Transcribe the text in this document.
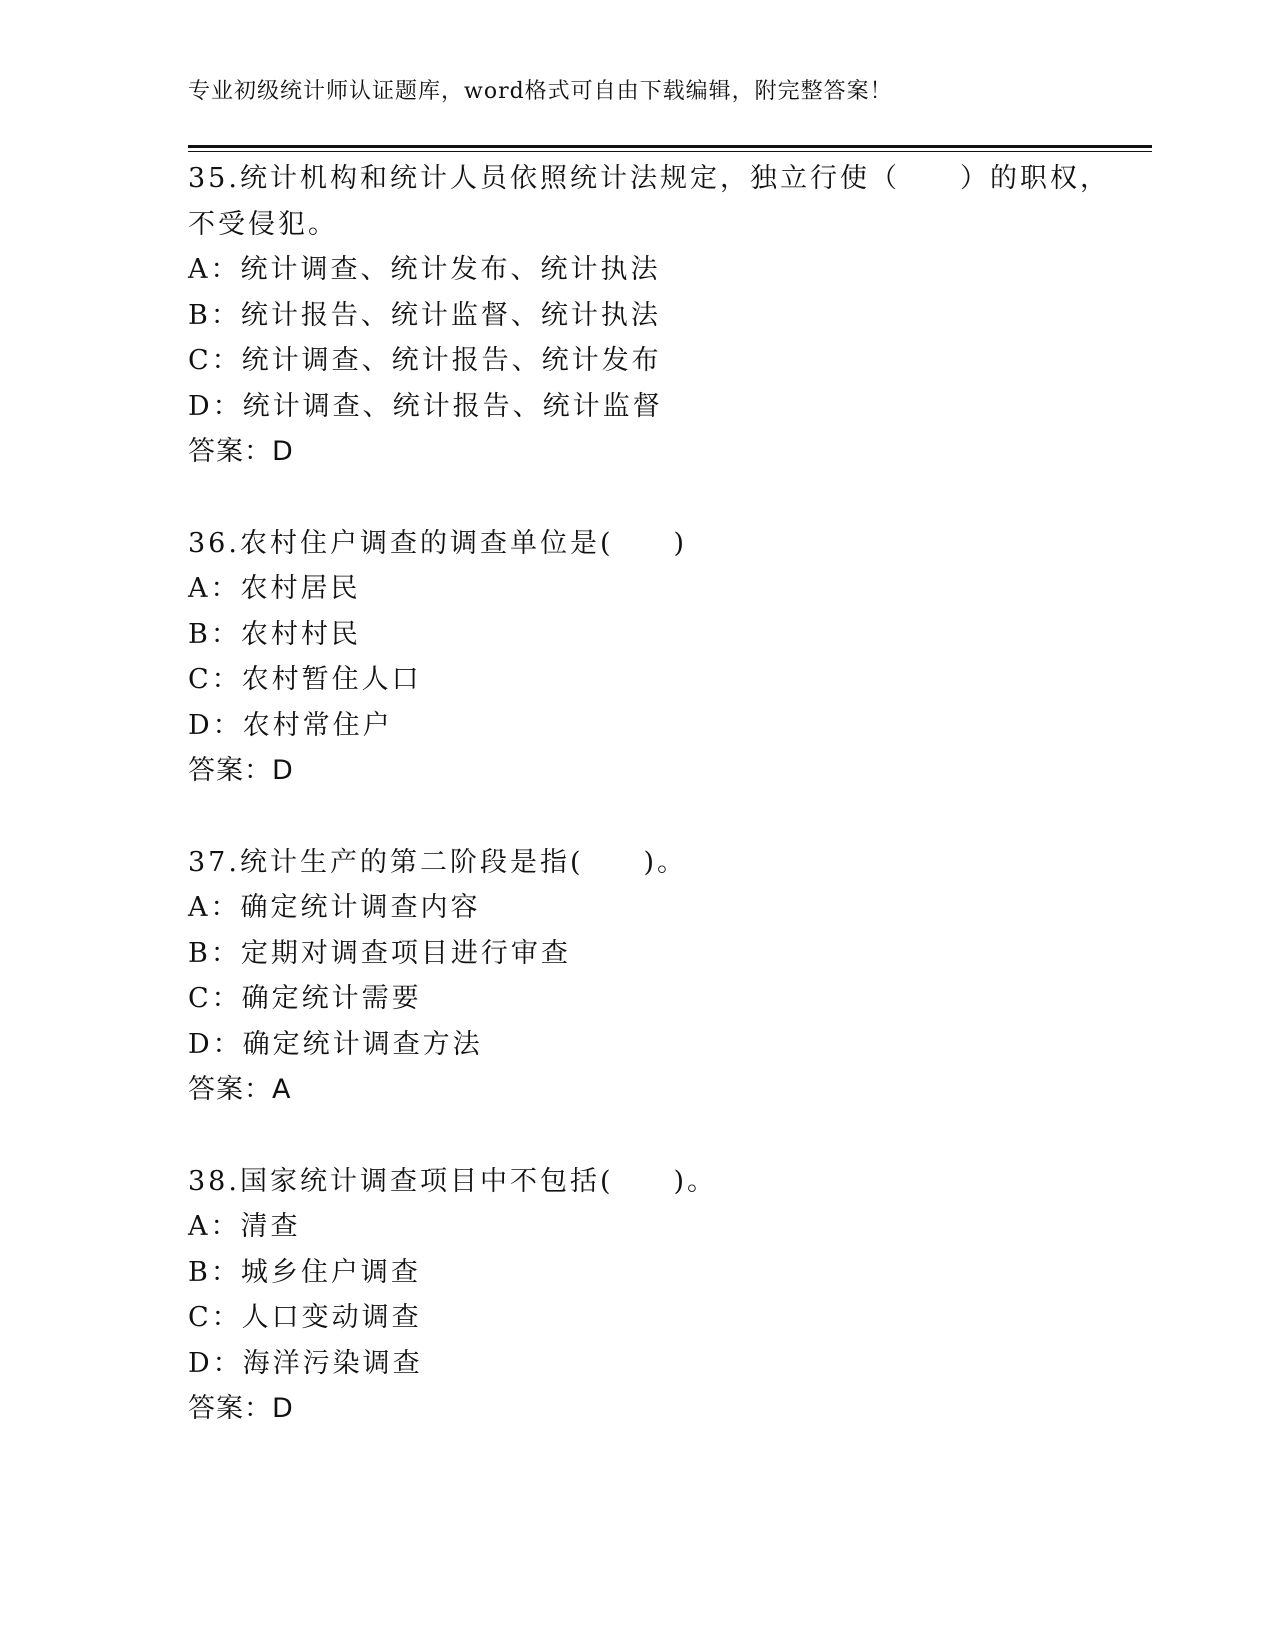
专业初级统计师认证题库，word格式可自由下载编辑，附完整答案！
35.统计机构和统计人员依照统计法规定，独立行使（　　）的职权，
不受侵犯。
A：统计调查、统计发布、统计执法
B：统计报告、统计监督、统计执法
C：统计调查、统计报告、统计发布
D：统计调查、统计报告、统计监督
答案：D
36.农村住户调查的调查单位是(　　)
A：农村居民
B：农村村民
C：农村暂住人口
D：农村常住户
答案：D
37.统计生产的第二阶段是指(　　)。
A：确定统计调查内容
B：定期对调查项目进行审查
C：确定统计需要
D：确定统计调查方法
答案：A
38.国家统计调查项目中不包括(　　)。
A：清查
B：城乡住户调查
C：人口变动调查
D：海洋污染调查
答案：D
